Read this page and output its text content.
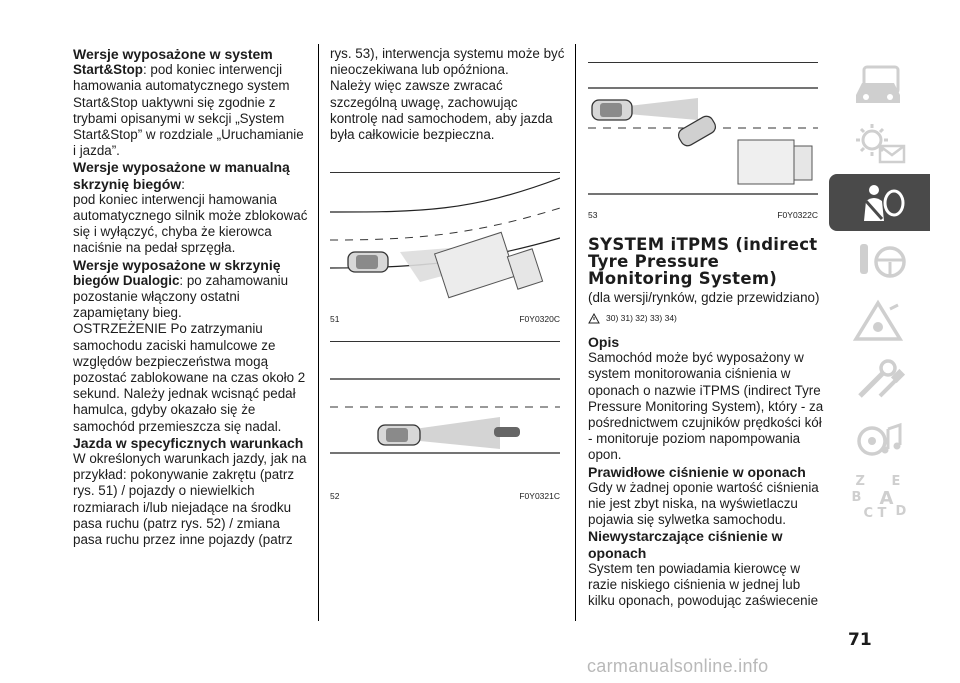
Wersje wyposażone w system

Start&Stop: pod koniec interwencji hamowania automatycznego system Start&Stop uaktywni się zgodnie z trybami opisanymi w sekcji „System Start&Stop” w rozdziale „Uruchamianie i jazda”.

Wersje wyposażone w manualną skrzynię biegów:

pod koniec interwencji hamowania automatycznego silnik może zblokować się i wyłączyć, chyba że kierowca naciśnie na pedał sprzęgła.

Wersje wyposażone w skrzynię

biegów Dualogic: po zahamowaniu pozostanie włączony ostatni zapamiętany bieg.

OSTRZEŻENIE Po zatrzymaniu samochodu zaciski hamulcowe ze względów bezpieczeństwa mogą pozostać zablokowane na czas około 2 sekund. Należy jednak wcisnąć pedał hamulca, gdyby okazało się że samochód przemieszcza się nadal.

Jazda w specyficznych warunkach

W określonych warunkach jazdy, jak na przykład: pokonywanie zakrętu (patrz rys. 51) / pojazdy o niewielkich rozmiarach i/lub niejadące na środku pasa ruchu (patrz rys. 52) / zmiana pasa ruchu przez inne pojazdy (patrz

rys. 53), interwencja systemu może być nieoczekiwana lub opóźniona.

Należy więc zawsze zwracać szczególną uwagę, zachowując kontrolę nad samochodem, aby jazda była całkowicie bezpieczna.

51	F0Y0320C
52	F0Y0321C
53	F0Y0322C

SYSTEM iTPMS (indirect Tyre Pressure Monitoring System)

(dla wersji/rynków, gdzie przewidziano)

30) 31) 32) 33) 34)

Opis

Samochód może być wyposażony w system monitorowania ciśnienia w oponach o nazwie iTPMS (indirect Tyre Pressure Monitoring System), który - za pośrednictwem czujników prędkości kół - monitoruje poziom napompowania opon.

Prawidłowe ciśnienie w oponach

Gdy w żadnej oponie wartość ciśnienia nie jest zbyt niska, na wyświetlaczu pojawia się sylwetka samochodu.

Niewystarczające ciśnienie w oponach

System ten powiadamia kierowcę w razie niskiego ciśnienia w jednej lub kilku oponach, powodując zaświecenie

Z E
B A
C T D
71
carmanualsonline.info
